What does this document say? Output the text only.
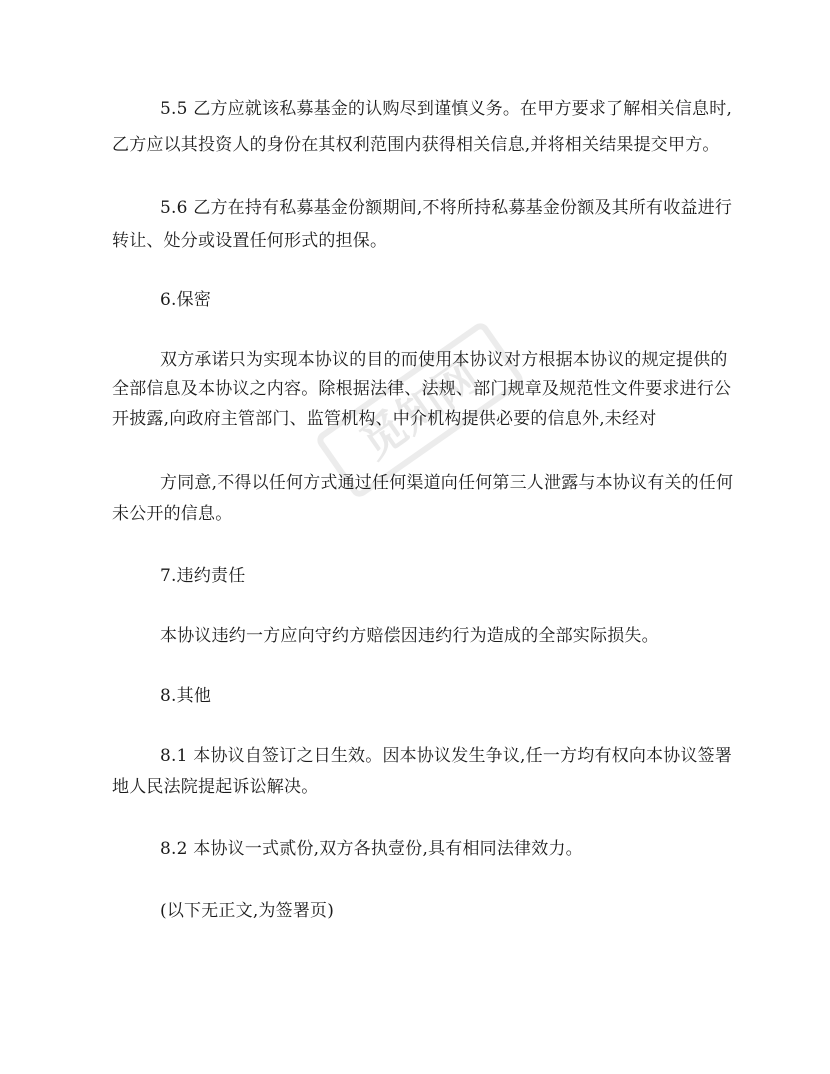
觅知网

5.5 乙方应就该私募基金的认购尽到谨慎义务。在甲方要求了解相关信息时,

乙方应以其投资人的身份在其权利范围内获得相关信息,并将相关结果提交甲方。

5.6 乙方在持有私募基金份额期间,不将所持私募基金份额及其所有收益进行

转让、处分或设置任何形式的担保。

6.保密

双方承诺只为实现本协议的目的而使用本协议对方根据本协议的规定提供的

全部信息及本协议之内容。除根据法律、法规、部门规章及规范性文件要求进行公

开披露,向政府主管部门、监管机构、中介机构提供必要的信息外,未经对

方同意,不得以任何方式通过任何渠道向任何第三人泄露与本协议有关的任何

未公开的信息。

7.违约责任

本协议违约一方应向守约方赔偿因违约行为造成的全部实际损失。

8.其他

8.1 本协议自签订之日生效。因本协议发生争议,任一方均有权向本协议签署

地人民法院提起诉讼解决。

8.2 本协议一式贰份,双方各执壹份,具有相同法律效力。

(以下无正文,为签署页)
